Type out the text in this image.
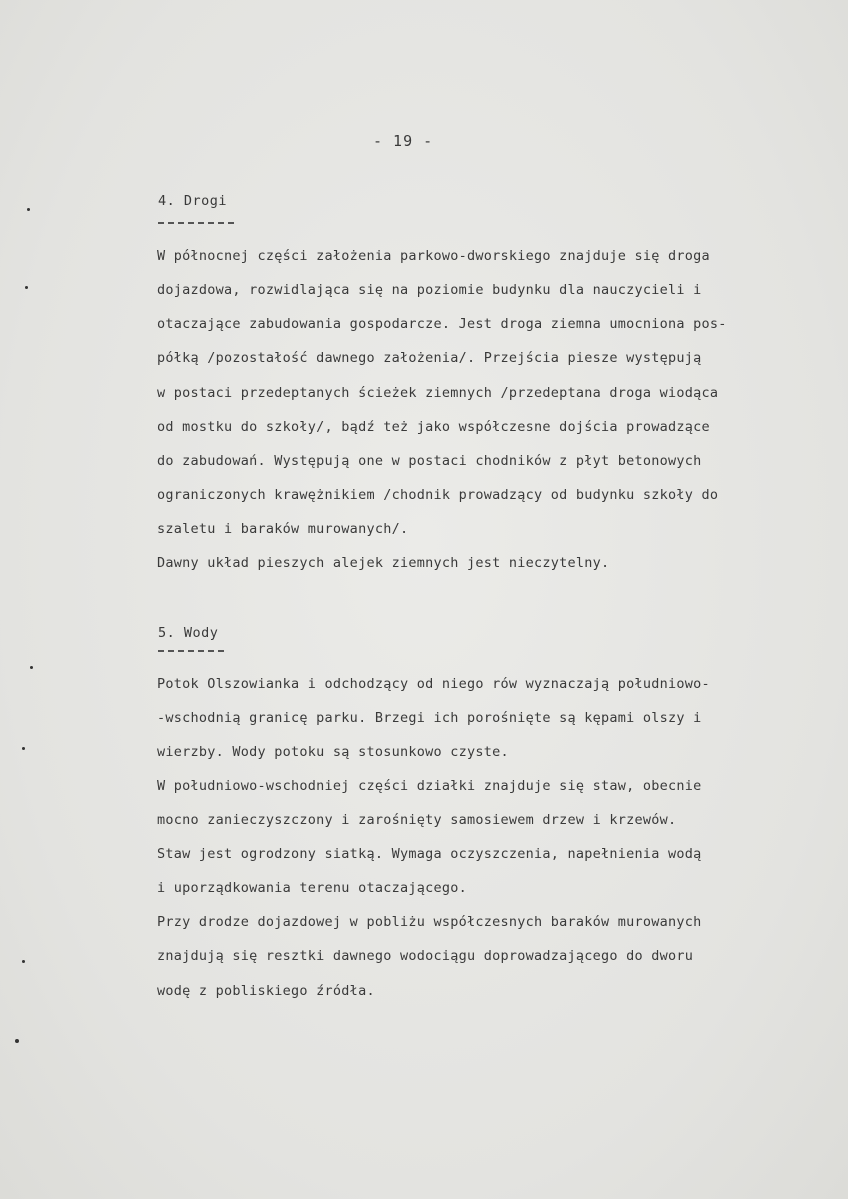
- 19 -
4. Drogi
W północnej części założenia parkowo-dworskiego znajduje się droga
dojazdowa, rozwidlająca się na poziomie budynku dla nauczycieli i
otaczające zabudowania gospodarcze. Jest droga ziemna umocniona pos-
półką /pozostałość dawnego założenia/. Przejścia piesze występują
w postaci przedeptanych ścieżek ziemnych /przedeptana droga wiodąca
od mostku do szkoły/, bądź też jako współczesne dojścia prowadzące
do zabudowań. Występują one w postaci chodników z płyt betonowych
ograniczonych krawężnikiem /chodnik prowadzący od budynku szkoły do
szaletu i baraków murowanych/.
Dawny układ pieszych alejek ziemnych jest nieczytelny.
5. Wody
Potok Olszowianka i odchodzący od niego rów wyznaczają południowo-
-wschodnią granicę parku. Brzegi ich porośnięte są kępami olszy i
wierzby. Wody potoku są stosunkowo czyste.
W południowo-wschodniej części działki znajduje się staw, obecnie
mocno zanieczyszczony i zarośnięty samosiewem drzew i krzewów.
Staw jest ogrodzony siatką. Wymaga oczyszczenia, napełnienia wodą
i uporządkowania terenu otaczającego.
Przy drodze dojazdowej w pobliżu współczesnych baraków murowanych
znajdują się resztki dawnego wodociągu doprowadzającego do dworu
wodę z pobliskiego źródła.
